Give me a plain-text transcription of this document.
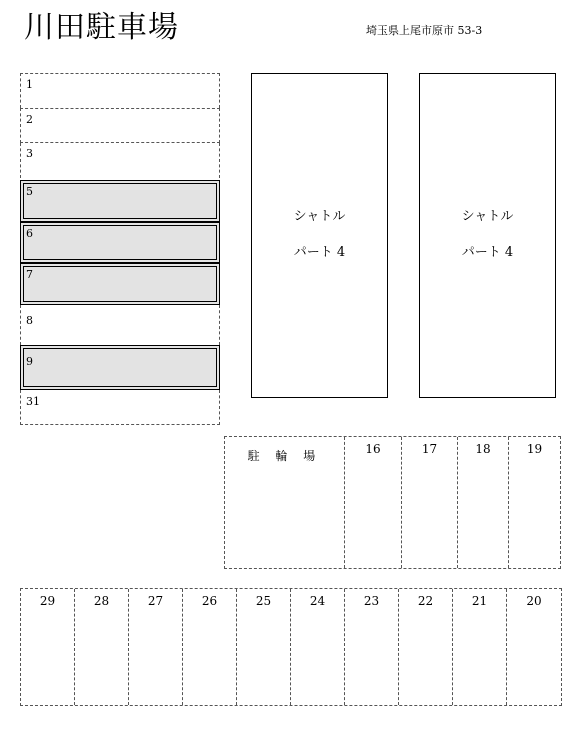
川田駐車場	埼玉県上尾市原市 53-3
1
2
3
5
6
7
8
9
31
シャトル
パート 4
シャトル
パート 4
駐 輪 場	16	17	18	19
29	28	27	26	25	24	23	22	21	20
